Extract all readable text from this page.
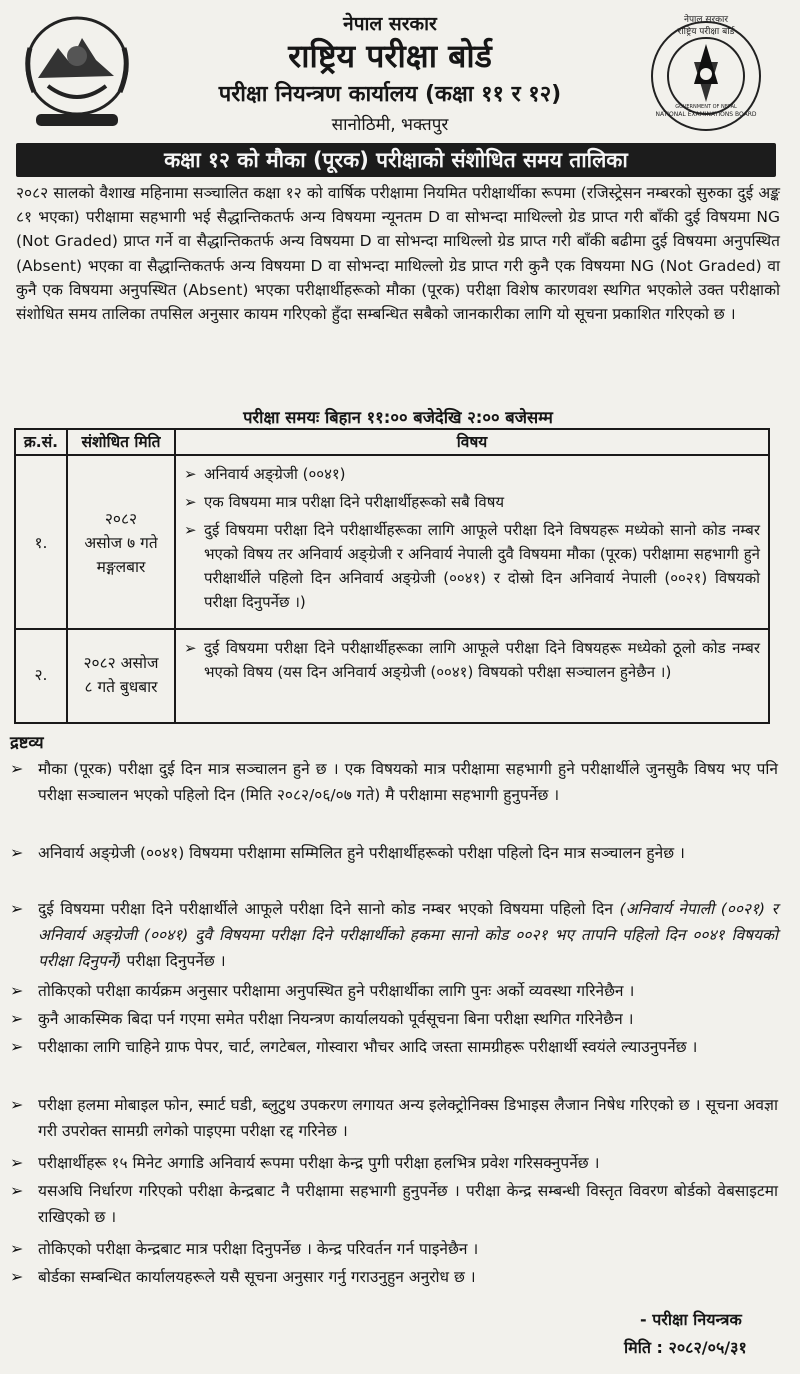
नेपाल सरकार
राष्ट्रिय परीक्षा बोर्ड
NATIONAL EXAMINATIONS BOARD
GOVERNMENT OF NEPAL
नेपाल सरकार
राष्ट्रिय परीक्षा बोर्ड
परीक्षा नियन्त्रण कार्यालय (कक्षा ११ र १२)
सानोठिमी, भक्तपुर
कक्षा १२ को मौका (पूरक) परीक्षाको संशोधित समय तालिका
२०८२ सालको वैशाख महिनामा सञ्चालित कक्षा १२ को वार्षिक परीक्षामा नियमित परीक्षार्थीका रूपमा (रजिस्ट्रेसन नम्बरको सुरुका दुई अङ्क ८१ भएका) परीक्षामा सहभागी भई सैद्धान्तिकतर्फ अन्य विषयमा न्यूनतम D वा सोभन्दा माथिल्लो ग्रेड प्राप्त गरी बाँकी दुई विषयमा NG (Not Graded) प्राप्त गर्ने वा सैद्धान्तिकतर्फ अन्य विषयमा D वा सोभन्दा माथिल्लो ग्रेड प्राप्त गरी बाँकी बढीमा दुई विषयमा अनुपस्थित (Absent) भएका वा सैद्धान्तिकतर्फ अन्य विषयमा D वा सोभन्दा माथिल्लो ग्रेड प्राप्त गरी कुनै एक विषयमा NG (Not Graded) वा कुनै एक विषयमा अनुपस्थित (Absent) भएका परीक्षार्थीहरूको मौका (पूरक) परीक्षा विशेष कारणवश स्थगित भएकोले उक्त परीक्षाको संशोधित समय तालिका तपसिल अनुसार कायम गरिएको हुँदा सम्बन्धित सबैको जानकारीका लागि यो सूचना प्रकाशित गरिएको छ ।
परीक्षा समयः बिहान ११:०० बजेदेखि २:०० बजेसम्म
क्र.सं.	संशोधित मिति	विषय
१.
२०८२
असोज ७ गते
मङ्गलबार
➢ अनिवार्य अङ्ग्रेजी (००४१)
➢ एक विषयमा मात्र परीक्षा दिने परीक्षार्थीहरूको सबै विषय
➢ दुई विषयमा परीक्षा दिने परीक्षार्थीहरूका लागि आफूले परीक्षा दिने विषयहरू मध्येको सानो कोड नम्बर भएको विषय तर अनिवार्य अङ्ग्रेजी र अनिवार्य नेपाली दुवै विषयमा मौका (पूरक) परीक्षामा सहभागी हुने परीक्षार्थीले पहिलो दिन अनिवार्य अङ्ग्रेजी (००४१) र दोस्रो दिन अनिवार्य नेपाली (००२१) विषयको परीक्षा दिनुपर्नेछ ।)
२.
२०८२ असोज
८ गते बुधबार
➢ दुई विषयमा परीक्षा दिने परीक्षार्थीहरूका लागि आफूले परीक्षा दिने विषयहरू मध्येको ठूलो कोड नम्बर भएको विषय (यस दिन अनिवार्य अङ्ग्रेजी (००४१) विषयको परीक्षा सञ्चालन हुनेछैन ।)
द्रष्टव्य
➢ मौका (पूरक) परीक्षा दुई दिन मात्र सञ्चालन हुने छ । एक विषयको मात्र परीक्षामा सहभागी हुने परीक्षार्थीले जुनसुकै विषय भए पनि परीक्षा सञ्चालन भएको पहिलो दिन (मिति २०८२/०६/०७ गते) मै परीक्षामा सहभागी हुनुपर्नेछ ।
➢ अनिवार्य अङ्ग्रेजी (००४१) विषयमा परीक्षामा सम्मिलित हुने परीक्षार्थीहरूको परीक्षा पहिलो दिन मात्र सञ्चालन हुनेछ ।
➢ दुई विषयमा परीक्षा दिने परीक्षार्थीले आफूले परीक्षा दिने सानो कोड नम्बर भएको विषयमा पहिलो दिन (अनिवार्य नेपाली (००२१) र अनिवार्य अङ्ग्रेजी (००४१) दुवै विषयमा परीक्षा दिने परीक्षार्थीको हकमा सानो कोड ००२१ भए तापनि पहिलो दिन ००४१ विषयको परीक्षा दिनुपर्ने) परीक्षा दिनुपर्नेछ ।
➢ तोकिएको परीक्षा कार्यक्रम अनुसार परीक्षामा अनुपस्थित हुने परीक्षार्थीका लागि पुनः अर्को व्यवस्था गरिनेछैन ।
➢ कुनै आकस्मिक बिदा पर्न गएमा समेत परीक्षा नियन्त्रण कार्यालयको पूर्वसूचना बिना परीक्षा स्थगित गरिनेछैन ।
➢ परीक्षाका लागि चाहिने ग्राफ पेपर, चार्ट, लगटेबल, गोस्वारा भौचर आदि जस्ता सामग्रीहरू परीक्षार्थी स्वयंले ल्याउनुपर्नेछ ।
➢ परीक्षा हलमा मोबाइल फोन, स्मार्ट घडी, ब्लुटुथ उपकरण लगायत अन्य इलेक्ट्रोनिक्स डिभाइस लैजान निषेध गरिएको छ । सूचना अवज्ञा गरी उपरोक्त सामग्री लगेको पाइएमा परीक्षा रद्द गरिनेछ ।
➢ परीक्षार्थीहरू १५ मिनेट अगाडि अनिवार्य रूपमा परीक्षा केन्द्र पुगी परीक्षा हलभित्र प्रवेश गरिसक्नुपर्नेछ ।
➢ यसअघि निर्धारण गरिएको परीक्षा केन्द्रबाट नै परीक्षामा सहभागी हुनुपर्नेछ । परीक्षा केन्द्र सम्बन्धी विस्तृत विवरण बोर्डको वेबसाइटमा राखिएको छ ।
➢ तोकिएको परीक्षा केन्द्रबाट मात्र परीक्षा दिनुपर्नेछ । केन्द्र परिवर्तन गर्न पाइनेछैन ।
➢ बोर्डका सम्बन्धित कार्यालयहरूले यसै सूचना अनुसार गर्नु गराउनुहुन अनुरोध छ ।
- परीक्षा नियन्त्रक
मिति : २०८२/०५/३१
